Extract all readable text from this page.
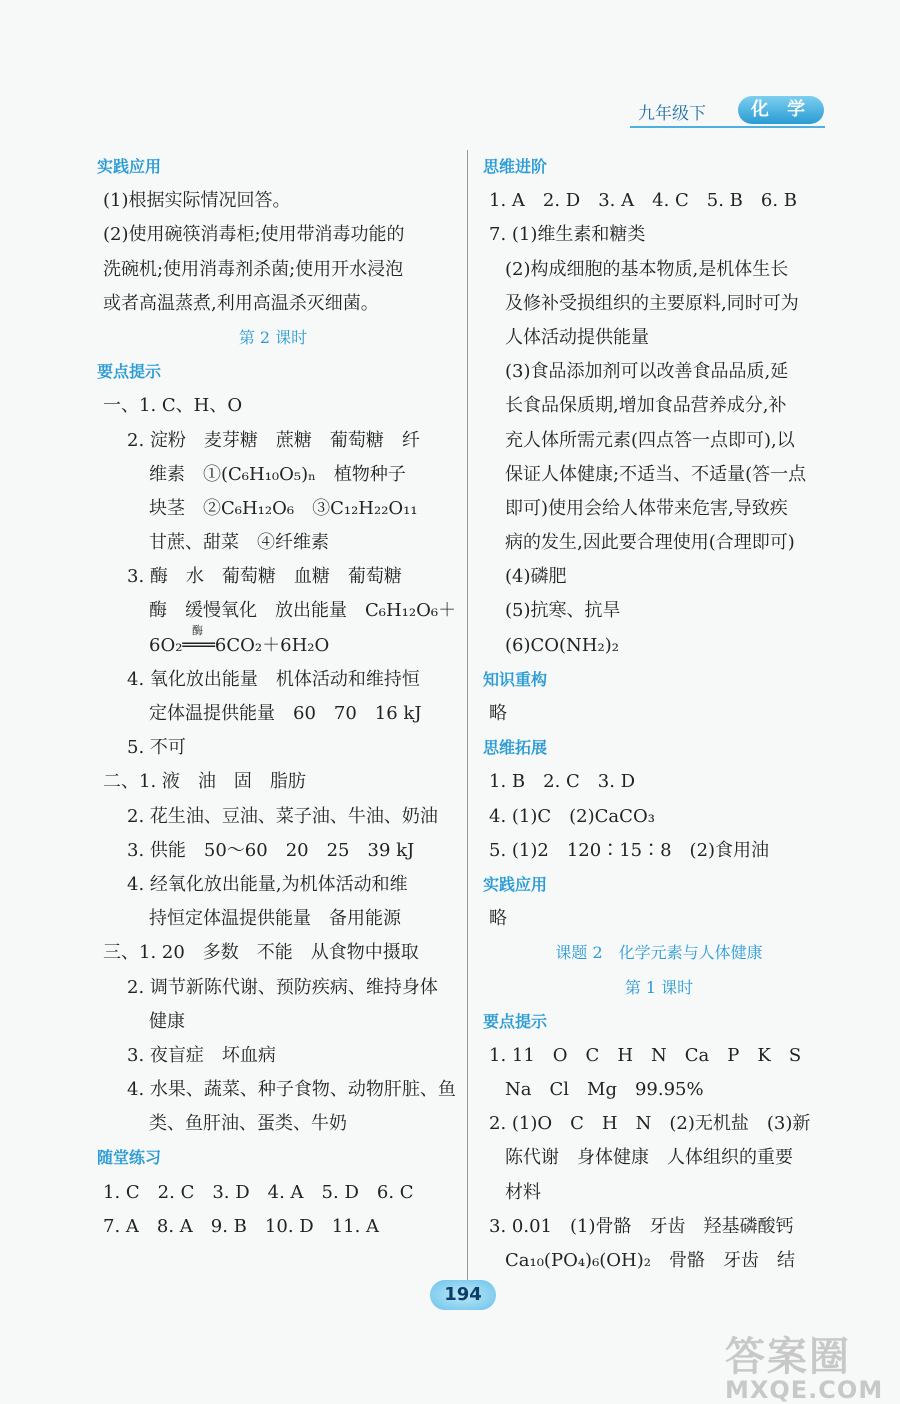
九年级下	化 学
实践应用
(1)根据实际情况回答。
(2)使用碗筷消毒柜;使用带消毒功能的
洗碗机;使用消毒剂杀菌;使用开水浸泡
或者高温蒸煮,利用高温杀灭细菌。
第 2 课时
要点提示
一、1. C、H、O
2. 淀粉　麦芽糖　蔗糖　葡萄糖　纤
维素　①(C₆H₁₀O₅)ₙ　植物种子
块茎　②C₆H₁₂O₆　③C₁₂H₂₂O₁₁
甘蔗、甜菜　④纤维素
3. 酶　水　葡萄糖　血糖　葡萄糖
酶　缓慢氧化　放出能量　C₆H₁₂O₆＋
6O₂═══6CO₂＋6H₂O
酶
4. 氧化放出能量　机体活动和维持恒
定体温提供能量　60　70　16 kJ
5. 不可
二、1. 液　油　固　脂肪
2. 花生油、豆油、菜子油、牛油、奶油
3. 供能　50～60　20　25　39 kJ
4. 经氧化放出能量,为机体活动和维
持恒定体温提供能量　备用能源
三、1. 20　多数　不能　从食物中摄取
2. 调节新陈代谢、预防疾病、维持身体
健康
3. 夜盲症　坏血病
4. 水果、蔬菜、种子食物、动物肝脏、鱼
类、鱼肝油、蛋类、牛奶
随堂练习
1. C　2. C　3. D　4. A　5. D　6. C
7. A　8. A　9. B　10. D　11. A
思维进阶
1. A　2. D　3. A　4. C　5. B　6. B
7. (1)维生素和糖类
(2)构成细胞的基本物质,是机体生长
及修补受损组织的主要原料,同时可为
人体活动提供能量
(3)食品添加剂可以改善食品品质,延
长食品保质期,增加食品营养成分,补
充人体所需元素(四点答一点即可),以
保证人体健康;不适当、不适量(答一点
即可)使用会给人体带来危害,导致疾
病的发生,因此要合理使用(合理即可)
(4)磷肥
(5)抗寒、抗旱
(6)CO(NH₂)₂
知识重构
略
思维拓展
1. B　2. C　3. D
4. (1)C　(2)CaCO₃
5. (1)2　120∶15∶8　(2)食用油
实践应用
略
课题 2　化学元素与人体健康
第 1 课时
要点提示
1. 11　O　C　H　N　Ca　P　K　S
Na　Cl　Mg　99.95%
2. (1)O　C　H　N　(2)无机盐　(3)新
陈代谢　身体健康　人体组织的重要
材料
3. 0.01　(1)骨骼　牙齿　羟基磷酸钙
Ca₁₀(PO₄)₆(OH)₂　骨骼　牙齿　结
194
答案圈
MXQE.COM
